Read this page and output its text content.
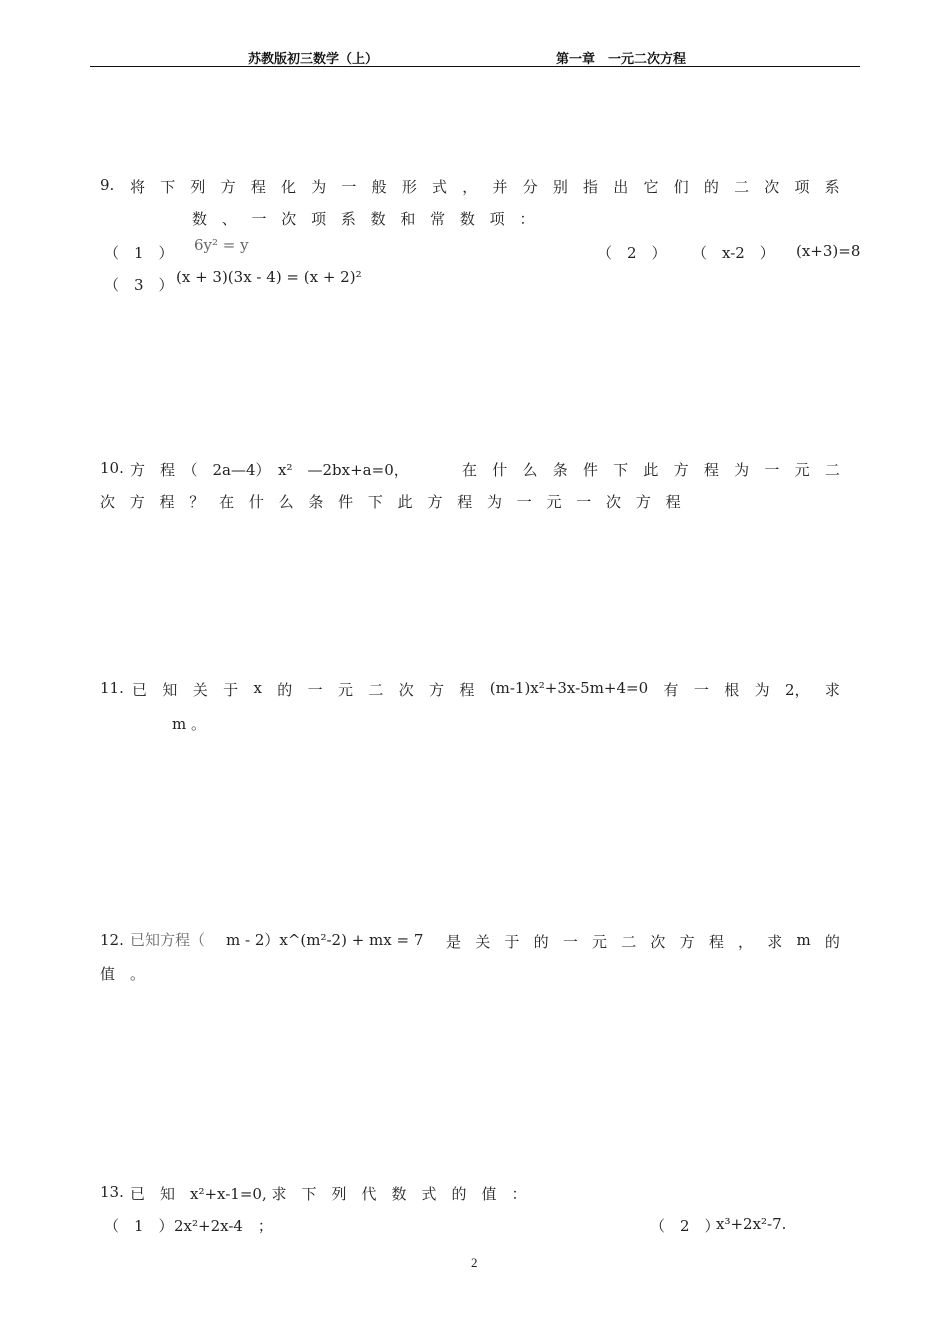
苏教版初三数学（上）	第一章　一元二次方程
9. 将 下 列 方 程 化 为 一 般 形 式 ， 并 分 别 指 出 它 们 的 二 次 项 系
数 、 一 次 项 系 数 和 常 数 项 ：
（　1　） 6y² = y	（　2　） （　x-2　） (x+3)=8
（　3　） (x + 3)(3x - 4) = (x + 2)²
10. 方　程　（　2a—4）　x²　—2bx+a=0，	在 什 么 条 件 下 此 方 程 为 一 元 二
次 方 程 ？ 在 什 么 条 件 下 此 方 程 为 一 元 一 次 方 程
11. 已 知 关 于 x 的 一 元 二 次 方 程 (m-1)x²+3x-5m+4=0 有 一 根 为 2， 求
m 。
12. 已知方程（ m - 2）x^(m²-2) + mx = 7 是 关 于 的 一 元 二 次 方 程 ， 求 m 的
值　。
13. 已　知　x²+x-1=0, 求　下　列　代　数　式　的　值　：
（　1　） 2x²+2x-4　；	（　2　）
x³+2x²-7.
2
